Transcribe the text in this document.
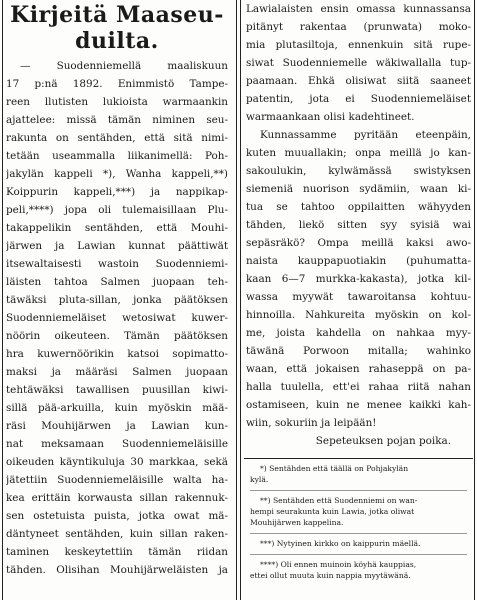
Kirjeitä Maaseu-
duilta.
— Suodenniemellä maaliskuun
17 p:nä 1892. Enimmistö Tampe-
reen llutisten lukioista warmaankin
ajattelee: missä tämän niminen seu-
rakunta on sentähden, että sitä nimi-
tetään useammalla liikanimellä: Poh-
jakylän kappeli *), Wanha kappeli,**)
Koippurin kappeli,***) ja nappikap-
peli,****) jopa oli tulemaisillaan Plu-
takappelikin sentähden, että Mouhi-
järwen ja Lawian kunnat päättiwät
itsewaltaisesti wastoin Suodenniemi-
läisten tahtoa Salmen juopaan teh-
täwäksi pluta-sillan, jonka päätöksen
Suodenniemeläiset wetosiwat kuwer-
nöörin oikeuteen. Tämän päätöksen
hra kuwernöörikin katsoi sopimatto-
maksi ja määräsi Salmen juopaan
tehtäwäksi tawallisen puusillan kiwi-
sillä pää-arkuilla, kuin myöskin mää-
räsi Mouhijärwen ja Lawian kun-
nat meksamaan Suodenniemeläisille
oikeuden käyntikuluja 30 markkaa, sekä
jätettiin Suodenniemeläisille walta ha-
kea erittäin korwausta sillan rakennuk-
sen ostetuista puista, jotka owat mä-
däntyneet sentähden, kuin sillan raken-
taminen keskeytettiin tämän riidan
tähden. Olisihan Mouhijärweläisten ja
Lawialaisten ensin omassa kunnassansa
pitänyt rakentaa (prunwata) moko-
mia plutasiltoja, ennenkuin sitä rupe-
siwat Suodenniemelle wäkiwallalla tup-
paamaan. Ehkä olisiwat siitä saaneet
patentin, jota ei Suodenniemeläiset
warmaankaan olisi kadehtineet.
Kunnassamme pyritään eteenpäin,
kuten muuallakin; onpa meillä jo kan-
sakoulukin, kylwämässä swistyksen
siemeniä nuorison sydämiin, waan ki-
tua se tahtoo oppilaitten wähyyden
tähden, liekö sitten syy syisiä wai
sepäsräkö? Ompa meillä kaksi awo-
naista kauppapuotiakin (puhumatta-
kaan 6—7 murkka-kakasta), jotka kil-
wassa myywät tawaroitansa kohtuu-
hinnoilla. Nahkureita myöskin on kol-
me, joista kahdella on nahkaa myy-
täwänä Porwoon mitalla; wahinko
waan, että jokaisen rahaseppä on pa-
halla tuulella, ett'ei rahaa riitä nahan
ostamiseen, kuin ne menee kaikki kah-
wiin, sokuriin ja leipään!

Sepeteuksen pojan poika.

*) Sentähden että täällä on Pohjakylän
kylä.

**) Sentähden että Suodenniemi on wan-
hempi seurakunta kuin Lawia, jotka oliwat
Mouhijärwen kappelina.

***) Nytyinen kirkko on kaippurin mäellä.

****) Oli ennen muinoin köyhä kauppias,
ettei ollut muuta kuin nappia myytäwänä.
